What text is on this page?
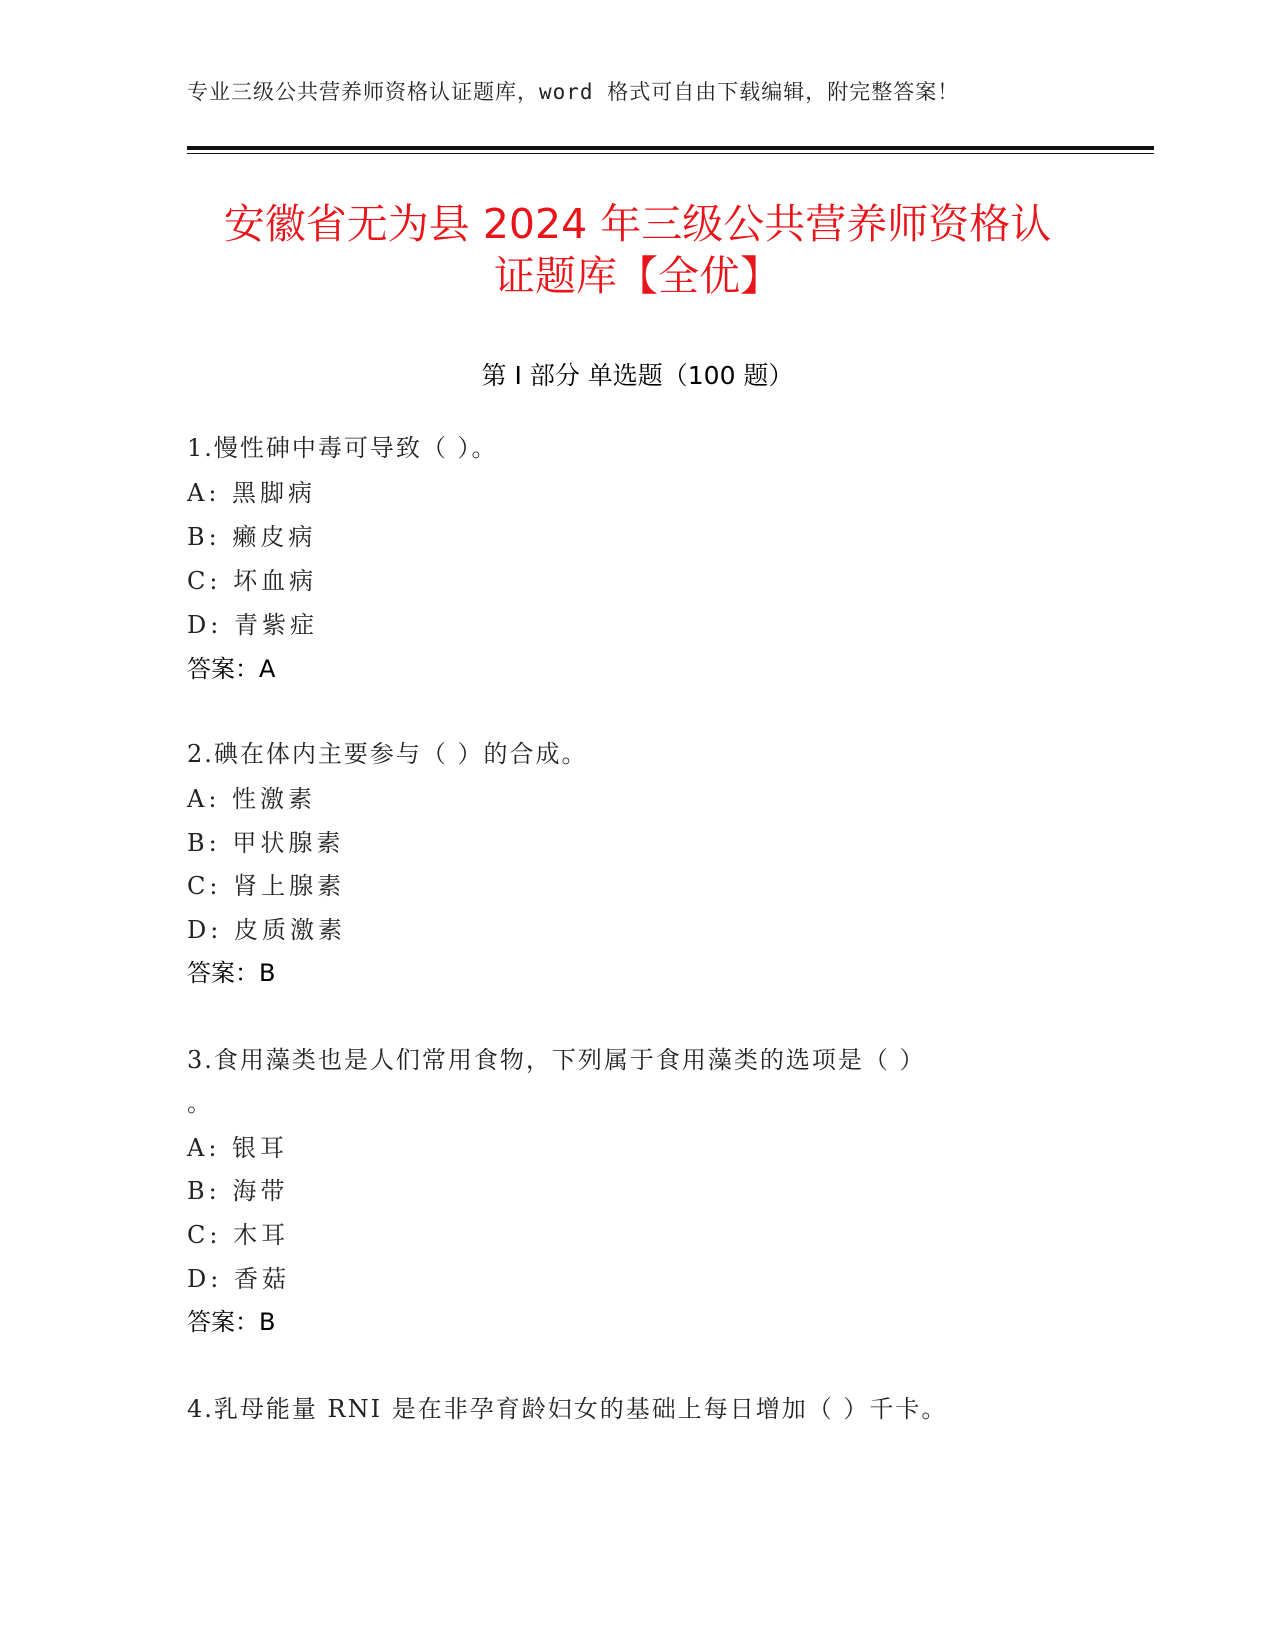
专业三级公共营养师资格认证题库，word 格式可自由下载编辑，附完整答案！
安徽省无为县 2024 年三级公共营养师资格认
证题库【全优】
第 I 部分 单选题（100 题）
1.慢性砷中毒可导致（ ）。
A: 黑脚病
B: 癞皮病
C: 坏血病
D: 青紫症
答案：A
2.碘在体内主要参与（ ）的合成。
A: 性激素
B: 甲状腺素
C: 肾上腺素
D: 皮质激素
答案：B
3.食用藻类也是人们常用食物，下列属于食用藻类的选项是（ ）
。
A: 银耳
B: 海带
C: 木耳
D: 香菇
答案：B
4.乳母能量 RNI 是在非孕育龄妇女的基础上每日增加（ ）千卡。
